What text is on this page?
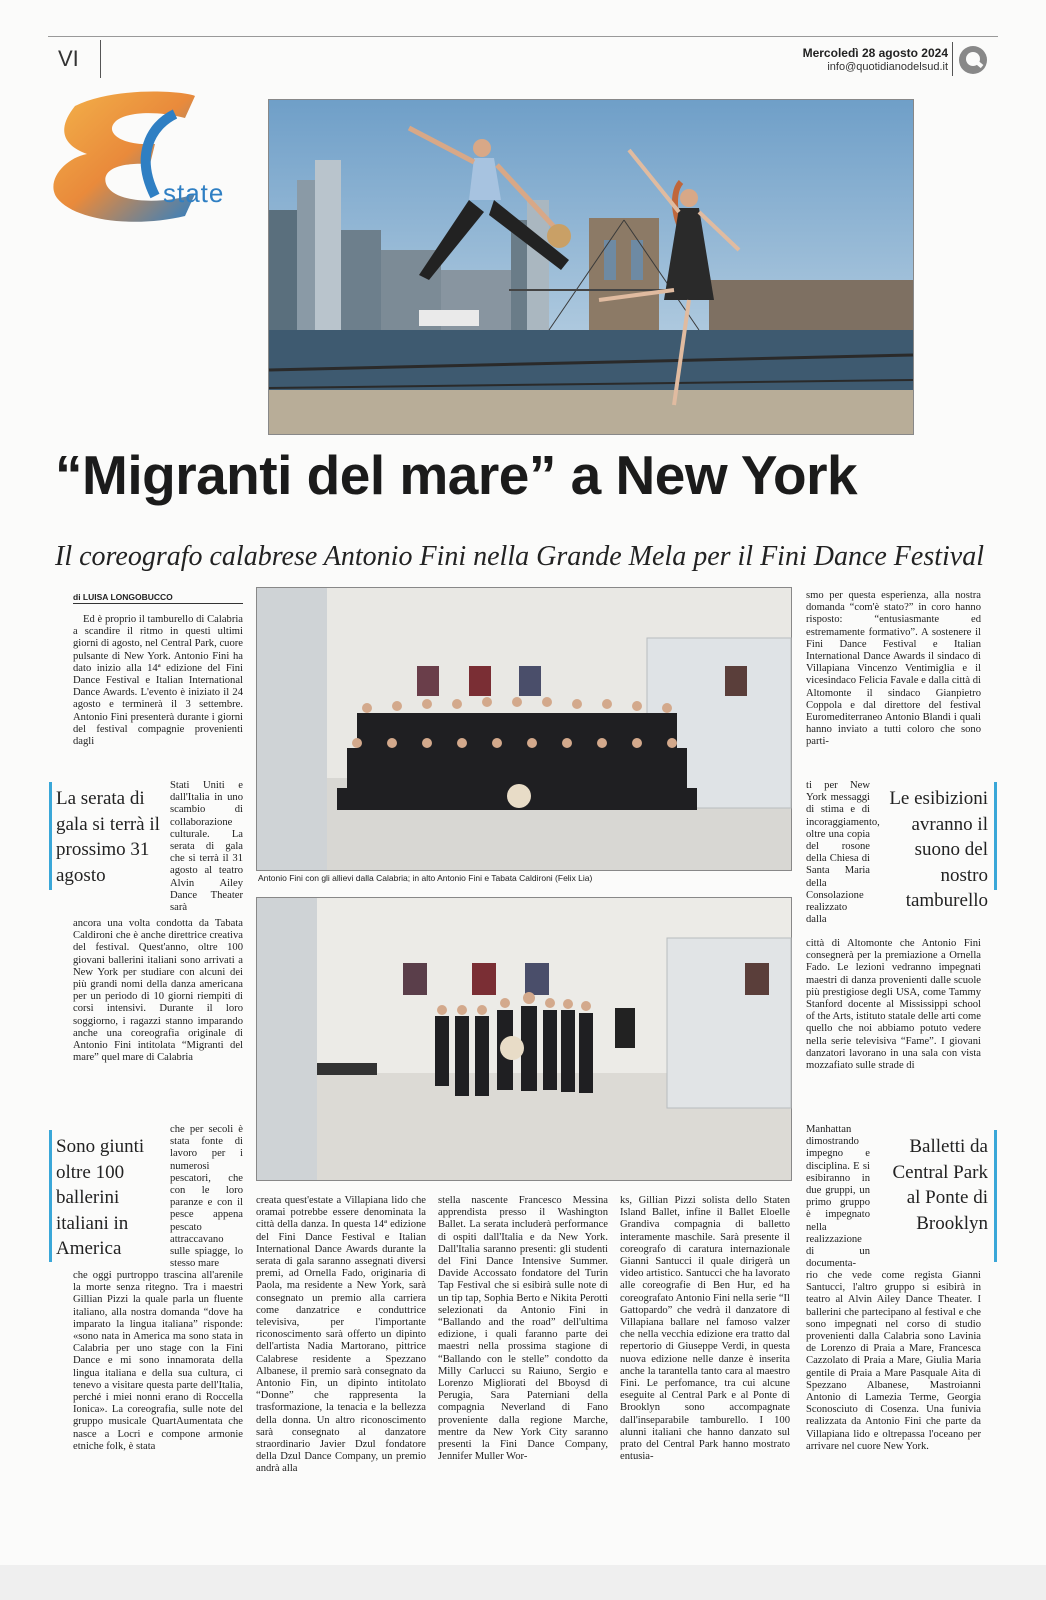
VI	Mercoledì 28 agosto 2024
info@quotidianodelsud.it
state
“Migranti del mare” a New York
Il coreografo calabrese Antonio Fini nella Grande Mela per il Fini Dance Festival
di LUISA LONGOBUCCO
Antonio Fini con gli allievi dalla Calabria; in alto Antonio Fini e Tabata Caldironi (Felix Lia)
La serata di gala si terrà il prossimo 31 agosto
Sono giunti oltre 100 ballerini italiani in America
Le esibizioni avranno il suono del nostro tamburello
Balletti da Central Park al Ponte di Brooklyn

Ed è proprio il tamburello di Calabria a scandire il ritmo in questi ultimi giorni di agosto, nel Central Park, cuore pulsante di New York. Antonio Fini ha dato inizio alla 14ª edizione del Fini Dance Festival e Italian International Dance Awards. L'evento è iniziato il 24 agosto e terminerà il 3 settembre. Antonio Fini presenterà durante i giorni del festival compagnie provenienti dagli

Stati Uniti e dall'Italia in uno scambio di collaborazione culturale. La serata di gala che si terrà il 31 agosto al teatro Alvin Ailey Dance Theater sarà

ancora una volta condotta da Tabata Caldironi che è anche direttrice creativa del festival. Quest'anno, oltre 100 giovani ballerini italiani sono arrivati a New York per studiare con alcuni dei più grandi nomi della danza americana per un periodo di 10 giorni riempiti di corsi intensivi. Durante il loro soggiorno, i ragazzi stanno imparando anche una coreografia originale di Antonio Fini intitolata “Migranti del mare” quel mare di Calabria

che per secoli è stata fonte di lavoro per i numerosi pescatori, che con le loro paranze e con il pesce appena pescato attraccavano sulle spiagge, lo stesso mare

che oggi purtroppo trascina all'arenile la morte senza ritegno. Tra i maestri Gillian Pizzi la quale parla un fluente italiano, alla nostra domanda “dove ha imparato la lingua italiana” risponde: «sono nata in America ma sono stata in Calabria per uno stage con la Fini Dance e mi sono innamorata della lingua italiana e della sua cultura, ci tenevo a visitare questa parte dell'Italia, perché i miei nonni erano di Roccella Ionica». La coreografia, sulle note del gruppo musicale QuartAumentata che nasce a Locri e compone armonie etniche folk, è stata

creata quest'estate a Villapiana lido che oramai potrebbe essere denominata la città della danza. In questa 14ª edizione del Fini Dance Festival e Italian International Dance Awards durante la serata di gala saranno assegnati diversi premi, ad Ornella Fado, originaria di Paola, ma residente a New York, sarà consegnato un premio alla carriera come danzatrice e conduttrice televisiva, per l'importante riconoscimento sarà offerto un dipinto dell'artista Nadia Martorano, pittrice Calabrese residente a Spezzano Albanese, il premio sarà consegnato da Antonio Fin, un dipinto intitolato “Donne” che rappresenta la trasformazione, la tenacia e la bellezza della donna. Un altro riconoscimento sarà consegnato al danzatore straordinario Javier Dzul fondatore della Dzul Dance Company, un premio andrà alla

stella nascente Francesco Messina apprendista presso il Washington Ballet. La serata includerà performance di ospiti dall'Italia e da New York. Dall'Italia saranno presenti: gli studenti del Fini Dance Intensive Summer. Davide Accossato fondatore del Turin Tap Festival che si esibirà sulle note di un tip tap, Sophia Berto e Nikita Perotti selezionati da Antonio Fini in “Ballando and the road” dell'ultima edizione, i quali faranno parte dei maestri nella prossima stagione di “Ballando con le stelle” condotto da Milly Carlucci su Raiuno, Sergio e Lorenzo Migliorati del Bboysd di Perugia, Sara Paterniani della compagnia Neverland di Fano proveniente dalla regione Marche, mentre da New York City saranno presenti la Fini Dance Company, Jennifer Muller Wor-

ks, Gillian Pizzi solista dello Staten Island Ballet, infine il Ballet Eloelle Grandiva compagnia di balletto interamente maschile. Sarà presente il coreografo di caratura internazionale Gianni Santucci il quale dirigerà un video artistico. Santucci che ha lavorato alle coreografie di Ben Hur, ed ha coreografato Antonio Fini nella serie “Il Gattopardo” che vedrà il danzatore di Villapiana ballare nel famoso valzer che nella vecchia edizione era tratto dal repertorio di Giuseppe Verdi, in questa nuova edizione nelle danze è inserita anche la tarantella tanto cara al maestro Fini. Le perfomance, tra cui alcune eseguite al Central Park e al Ponte di Brooklyn sono accompagnate dall'inseparabile tamburello. I 100 alunni italiani che hanno danzato sul prato del Central Park hanno mostrato entusia-

smo per questa esperienza, alla nostra domanda “com'è stato?” in coro hanno risposto: “entusiasmante ed estremamente formativo”. A sostenere il Fini Dance Festival e Italian International Dance Awards il sindaco di Villapiana Vincenzo Ventimiglia e il vicesindaco Felicia Favale e dalla città di Altomonte il sindaco Gianpietro Coppola e dal direttore del festival Euromediterraneo Antonio Blandi i quali hanno inviato a tutti coloro che sono parti-

ti per New York messaggi di stima e di incoraggiamento, oltre una copia del rosone della Chiesa di Santa Maria della Consolazione realizzato dalla

città di Altomonte che Antonio Fini consegnerà per la premiazione a Ornella Fado. Le lezioni vedranno impegnati maestri di danza provenienti dalle scuole più prestigiose degli USA, come Tammy Stanford docente al Mississippi school of the Arts, istituto statale delle arti come quello che noi abbiamo potuto vedere nella serie televisiva “Fame”. I giovani danzatori lavorano in una sala con vista mozzafiato sulle strade di

Manhattan dimostrando impegno e disciplina. E si esibiranno in due gruppi, un primo gruppo è impegnato nella realizzazione di un documenta-

rio che vede come regista Gianni Santucci, l'altro gruppo si esibirà in teatro al Alvin Ailey Dance Theater. I ballerini che partecipano al festival e che sono impegnati nel corso di studio provenienti dalla Calabria sono Lavinia de Lorenzo di Praia a Mare, Francesca Cazzolato di Praia a Mare, Giulia Maria gentile di Praia a Mare Pasquale Aita di Spezzano Albanese, Mastroianni Antonio di Lamezia Terme, Georgia Sconosciuto di Cosenza. Una funivia realizzata da Antonio Fini che parte da Villapiana lido e oltrepassa l'oceano per arrivare nel cuore New York.
